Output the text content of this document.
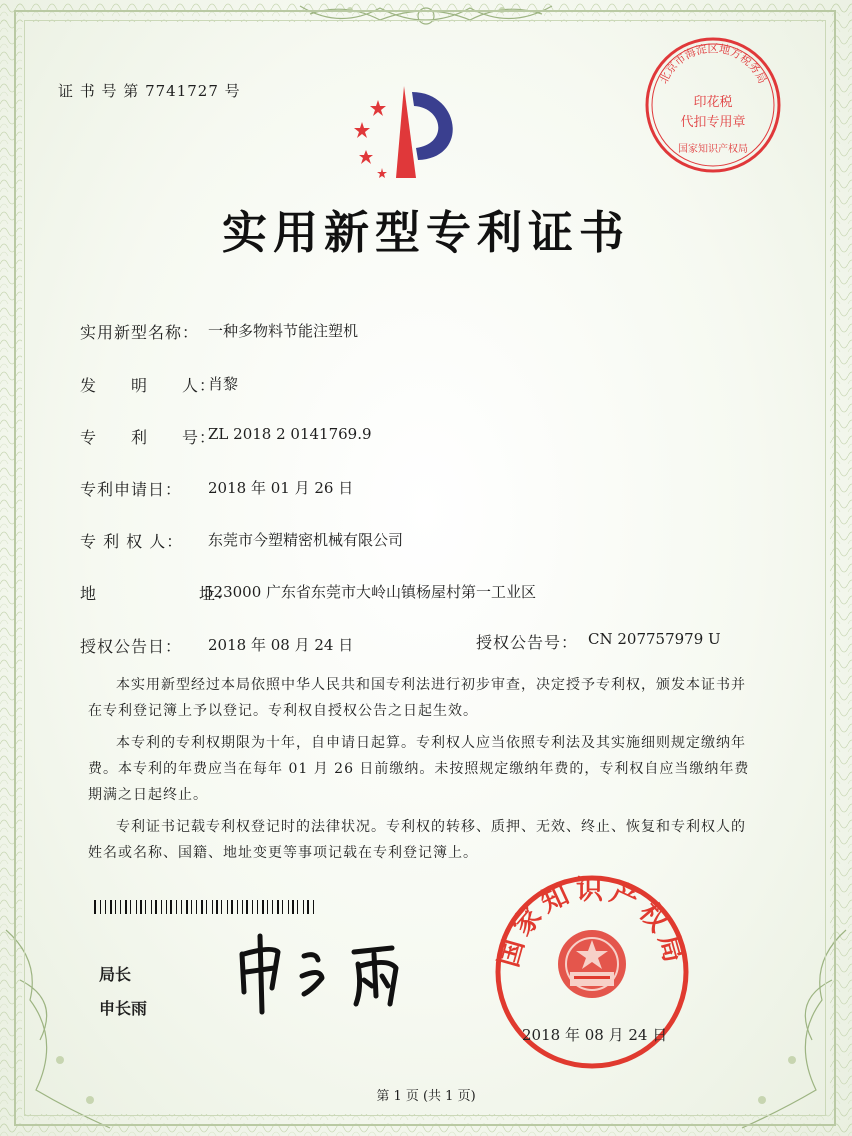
证 书 号 第 7741727 号
实用新型专利证书
北京市海淀区地方税务局
印花税
代扣专用章
国家知识产权局
实用新型名称： 一种多物料节能注塑机
发　　明　　人：
肖黎
专　　利　　号：
ZL 2018 2 0141769.9
专利申请日： 2018 年 01 月 26 日
专 利 权 人： 东莞市今塑精密机械有限公司
地　　　　　　址：
523000 广东省东莞市大岭山镇杨屋村第一工业区
授权公告日： 2018 年 08 月 24 日	授权公告号： CN 207757979 U

本实用新型经过本局依照中华人民共和国专利法进行初步审查，决定授予专利权，颁发本证书并在专利登记簿上予以登记。专利权自授权公告之日起生效。

本专利的专利权期限为十年，自申请日起算。专利权人应当依照专利法及其实施细则规定缴纳年费。本专利的年费应当在每年 01 月 26 日前缴纳。未按照规定缴纳年费的，专利权自应当缴纳年费期满之日起终止。

专利证书记载专利权登记时的法律状况。专利权的转移、质押、无效、终止、恢复和专利权人的姓名或名称、国籍、地址变更等事项记载在专利登记簿上。

局长
申长雨
国家知识产权局
2018 年 08 月 24 日
第 1 页 (共 1 页)
